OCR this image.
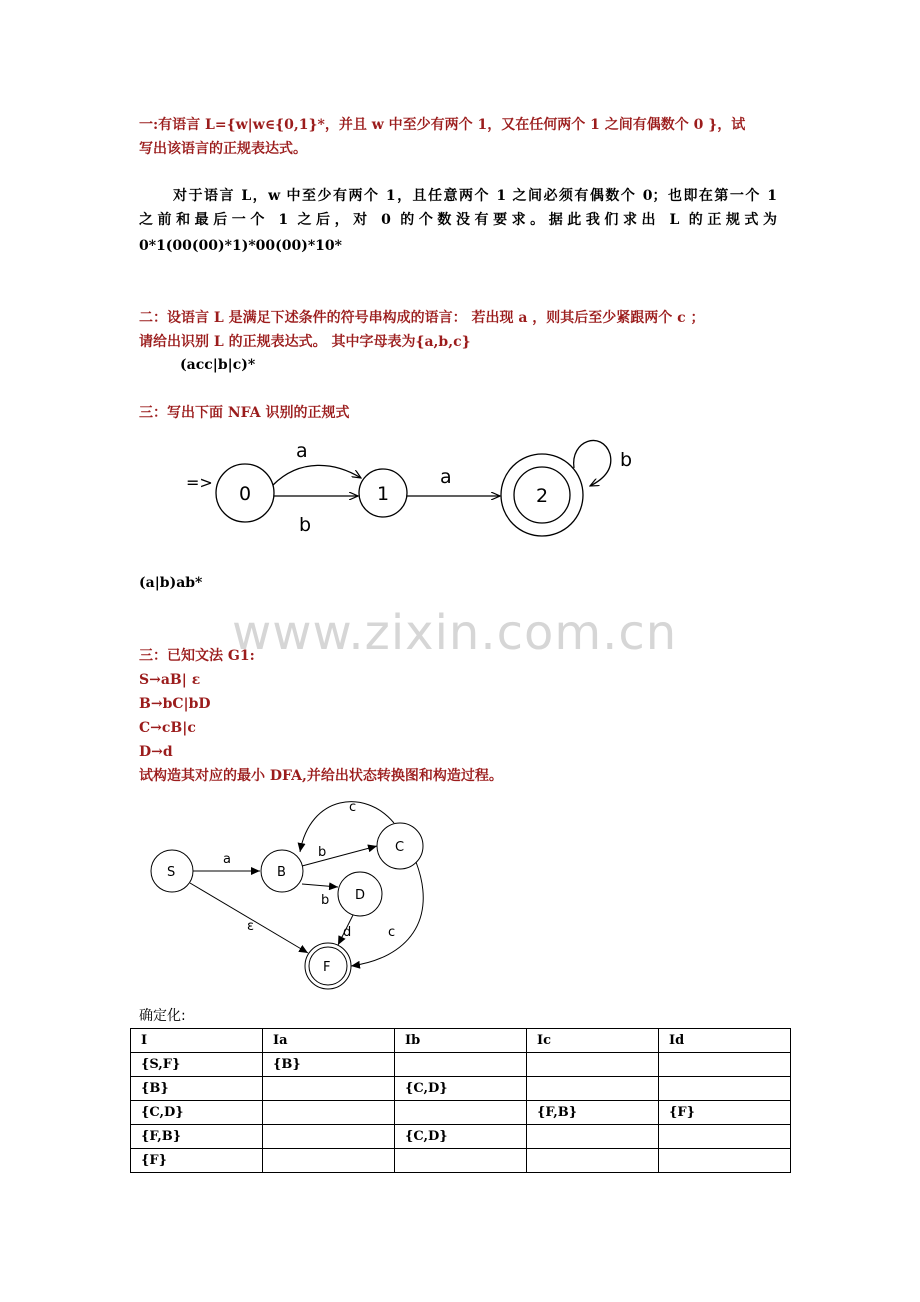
一:有语言 L={w|w∈{0,1}*，并且 w 中至少有两个 1，又在任何两个 1 之间有偶数个 0 }，试
写出该语言的正规表达式。
对于语言 L，w 中至少有两个 1，且任意两个 1 之间必须有偶数个 0；也即在第一个 1
之前和最后一个 1 之后，对 0 的个数没有要求。据此我们求出 L 的正规式为
0*1(00(00)*1)*00(00)*10*
二：设语言 L 是满足下述条件的符号串构成的语言： 若出现 a ，则其后至少紧跟两个 c ；
请给出识别 L 的正规表达式。 其中字母表为{a,b,c}
(acc|b|c)*
三：写出下面 NFA 识别的正规式
=>
0	1	2
a
b
a
b
(a|b)ab*
www.zixin.com.cn
三：已知文法 G1:
S→aB| ε
B→bC|bD
C→cB|c
D→d
试构造其对应的最小 DFA,并给出状态转换图和构造过程。
S	B
C
D
F
a	b
c
b
ε	d	c
确定化:
I	Ia	Ib	Ic	Id
{S,F}	{B}			
{B}		{C,D}		
{C,D}			{F,B}	{F}
{F,B}		{C,D}		
{F}				
